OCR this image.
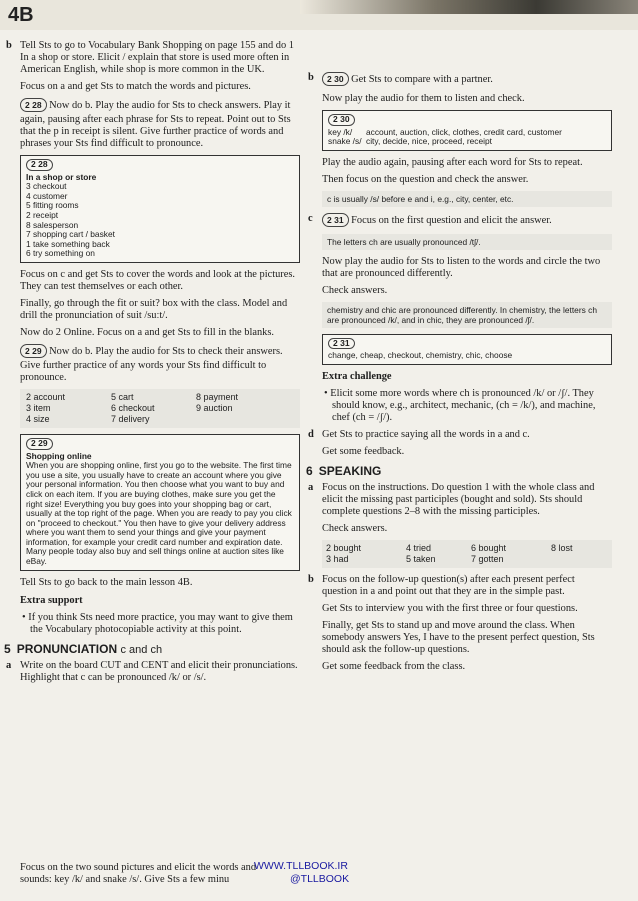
4B
b Tell Sts to go to Vocabulary Bank Shopping on page 155 and do 1 In a shop or store. Elicit / explain that store is used more often in American English, while shop is more common in the UK.

Focus on a and get Sts to match the words and pictures.

2 28 Now do b. Play the audio for Sts to check answers. Play it again, pausing after each phrase for Sts to repeat. Point out to Sts that the p in receipt is silent. Give further practice of words and phrases your Sts find difficult to pronounce.

2 28
In a shop or store
3 checkout
4 customer
5 fitting rooms
2 receipt
8 salesperson
7 shopping cart / basket
1 take something back
6 try something on

Focus on c and get Sts to cover the words and look at the pictures. They can test themselves or each other.

Finally, go through the fit or suit? box with the class. Model and drill the pronunciation of suit /suːt/.

Now do 2 Online. Focus on a and get Sts to fill in the blanks.

2 29 Now do b. Play the audio for Sts to check their answers. Give further practice of any words your Sts find difficult to pronounce.

2 account	5 cart	8 payment
3 item	6 checkout	9 auction
4 size	7 delivery
2 29
Shopping online
When you are shopping online, first you go to the website. The first time you use a site, you usually have to create an account where you give your personal information. You then choose what you want to buy and click on each item. If you are buying clothes, make sure you get the right size! Everything you buy goes into your shopping bag or cart, usually at the top right of the page. When you are ready to pay you click on "proceed to checkout." You then have to give your delivery address where you want them to send your things and give your payment information, for example your credit card number and expiration date. Many people today also buy and sell things online at auction sites like eBay.

Tell Sts to go back to the main lesson 4B.

Extra support

• If you think Sts need more practice, you may want to give them the Vocabulary photocopiable activity at this point.

5 PRONUNCIATION c and ch
a Write on the board CUT and CENT and elicit their pronunciations. Highlight that c can be pronounced /k/ or /s/.

Focus on the two sound pictures and elicit the words and sounds: key /k/ and snake /s/. Give Sts a few minu
b	2 30 Get Sts to compare with a partner.

Now play the audio for them to listen and check.

2 30
key /k/	account, auction, click, clothes, credit card, customer
snake /s/ city, decide, nice, proceed, receipt

Play the audio again, pausing after each word for Sts to repeat.

Then focus on the question and check the answer.

c is usually /s/ before e and i, e.g., city, center, etc.
c	2 31 Focus on the first question and elicit the answer.

The letters ch are usually pronounced /tʃ/.

Now play the audio for Sts to listen to the words and circle the two that are pronounced differently.

Check answers.

chemistry and chic are pronounced differently. In chemistry, the letters ch are pronounced /k/, and in chic, they are pronounced /ʃ/.
2 31
change, cheap, checkout, chemistry, chic, choose

Extra challenge

• Elicit some more words where ch is pronounced /k/ or /ʃ/. They should know, e.g., architect, mechanic, (ch = /k/), and machine, chef (ch = /ʃ/).

d Get Sts to practice saying all the words in a and c.

Get some feedback.

6 SPEAKING
a Focus on the instructions. Do question 1 with the whole class and elicit the missing past participles (bought and sold). Sts should complete questions 2–8 with the missing participles.

Check answers.

2 bought	4 tried	6 bought	8 lost
3 had	5 taken	7 gotten
b Focus on the follow-up question(s) after each present perfect question in a and point out that they are in the simple past.

Get Sts to interview you with the first three or four questions.

Finally, get Sts to stand up and move around the class. When somebody answers Yes, I have to the present perfect question, Sts should ask the follow-up questions.

Get some feedback from the class.

WWW.TLLBOOK.IR
@TLLBOOK
